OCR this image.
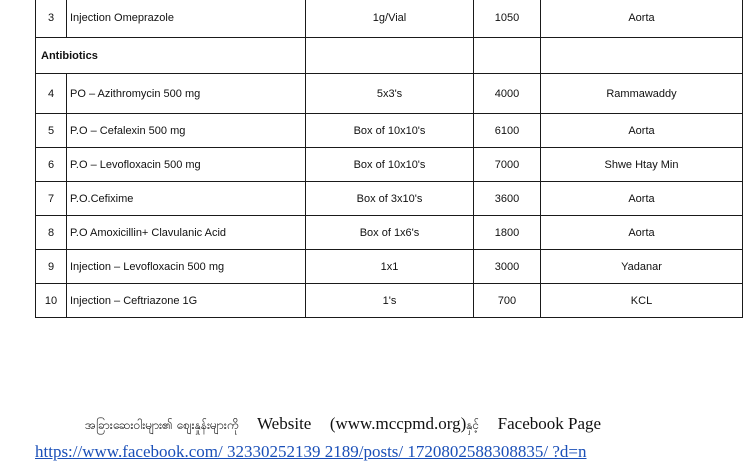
3	Injection Omeprazole	1g/Vial	1050	Aorta
Antibiotics				
4	PO – Azithromycin 500 mg	5x3's	4000	Rammawaddy
5	P.O – Cefalexin 500 mg	Box of 10x10's	6100	Aorta
6	P.O – Levofloxacin 500 mg	Box of 10x10's	7000	Shwe Htay Min
7	P.O.Cefixime	Box of 3x10's	3600	Aorta
8	P.O Amoxicillin+ Clavulanic Acid	Box of 1x6's	1800	Aorta
9	Injection – Levofloxacin 500 mg	1x1	3000	Yadanar
10	Injection – Ceftriazone 1G	1's	700	KCL
အခြားဆေးဝါးများ၏ ဈေးနှုန်းများကို Website (www.mccpmd.org)နှင့် Facebook Page
https://www.facebook.com/ 32330252139 2189/posts/ 1720802588308835/ ?d=n
